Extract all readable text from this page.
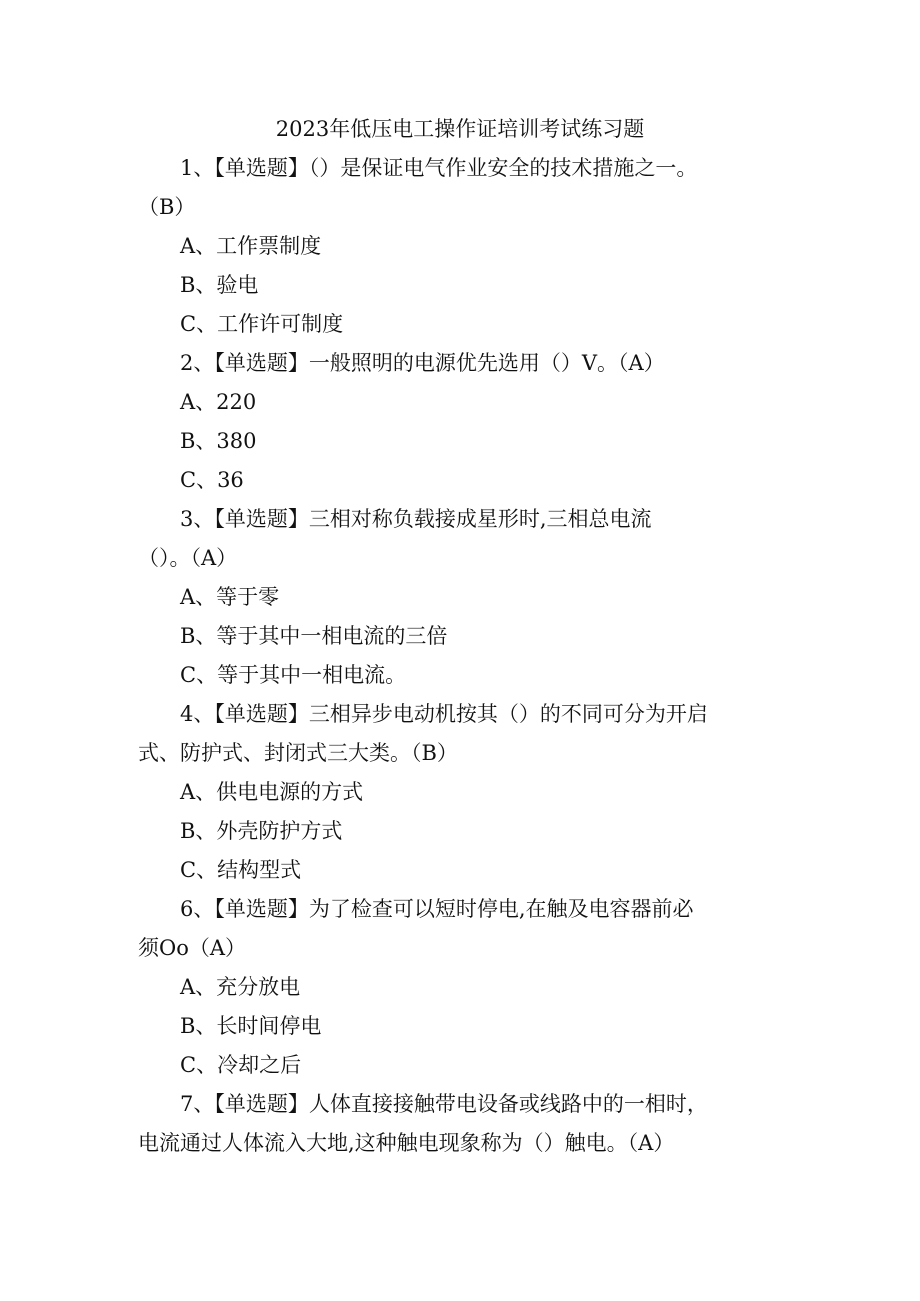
2023年低压电工操作证培训考试练习题
1、【单选题】（）是保证电气作业安全的技术措施之一。
（B）
A、工作票制度
B、验电
C、工作许可制度
2、【单选题】一般照明的电源优先选用（）V。（A）
A、220
B、380
C、36
3、【单选题】三相对称负载接成星形时,三相总电流
（）。（A）
A、等于零
B、等于其中一相电流的三倍
C、等于其中一相电流。
4、【单选题】三相异步电动机按其（）的不同可分为开启
式、防护式、封闭式三大类。（B）
A、供电电源的方式
B、外壳防护方式
C、结构型式
6、【单选题】为了检查可以短时停电,在触及电容器前必
须Oo（A）
A、充分放电
B、长时间停电
C、冷却之后
7、【单选题】人体直接接触带电设备或线路中的一相时，
电流通过人体流入大地,这种触电现象称为（）触电。（A）
